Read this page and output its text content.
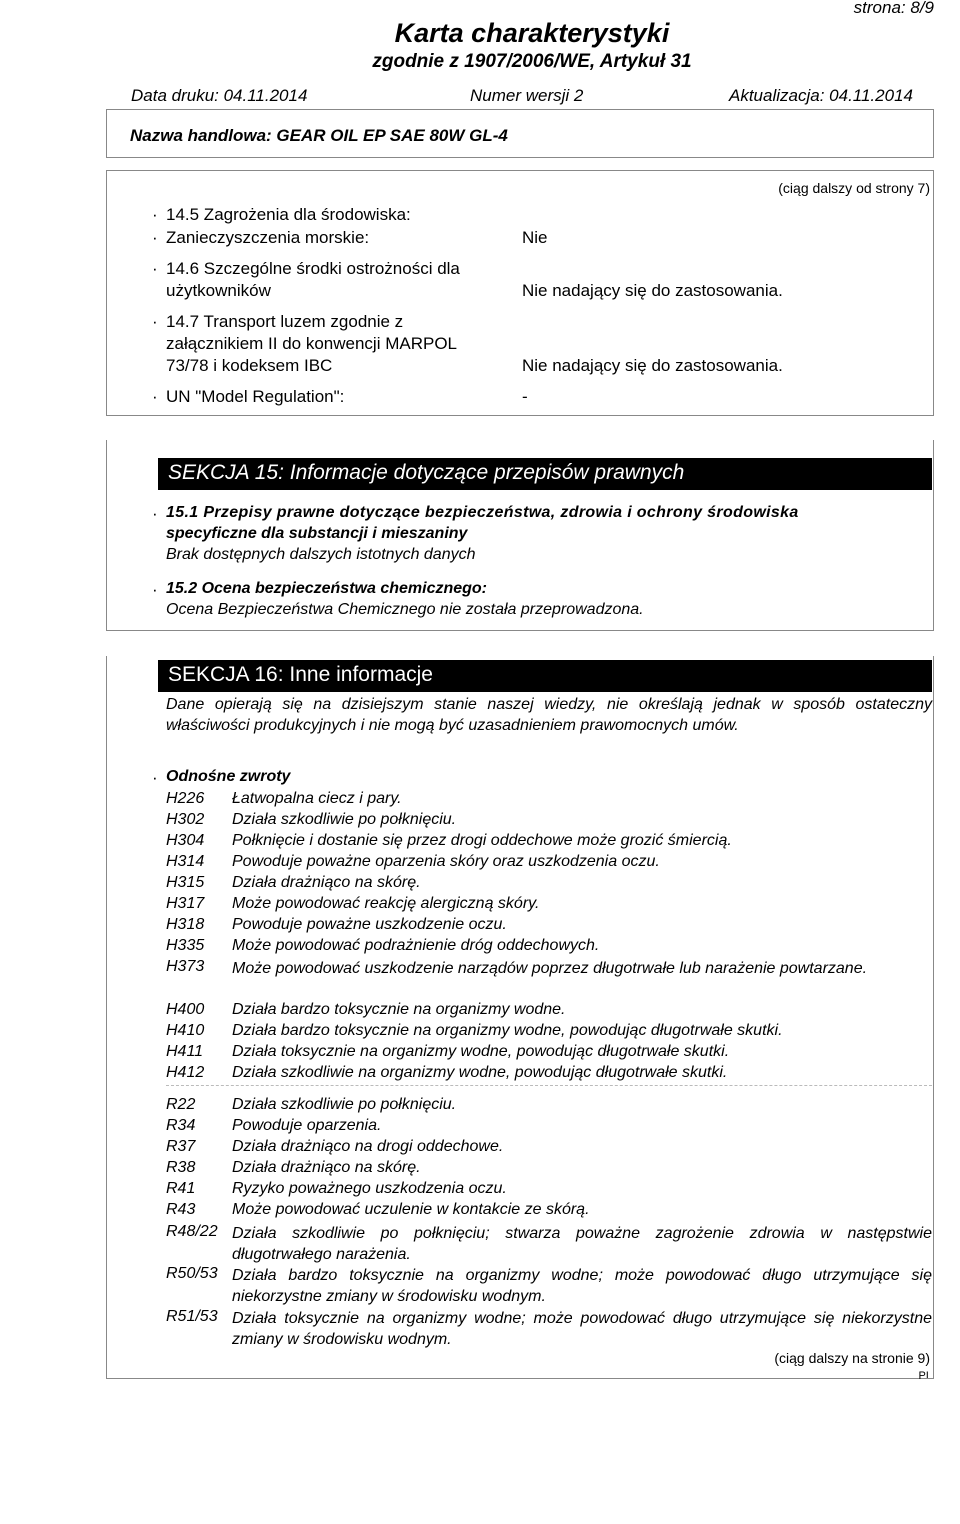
strona: 8/9
Karta charakterystyki
zgodnie z 1907/2006/WE, Artykuł 31
Data druku: 04.11.2014	Numer wersji 2	Aktualizacja: 04.11.2014
Nazwa handlowa: GEAR OIL EP SAE 80W GL-4
(ciąg dalszy od strony 7)
· 14.5 Zagrożenia dla środowiska:
· Zanieczyszczenia morskie:	Nie
· 14.6 Szczególne środki ostrożności dla
użytkowników	Nie nadający się do zastosowania.
· 14.7 Transport luzem zgodnie z
załącznikiem II do konwencji MARPOL
73/78 i kodeksem IBC	Nie nadający się do zastosowania.
· UN "Model Regulation":	-
SEKCJA 15: Informacje dotyczące przepisów prawnych
· 15.1 Przepisy prawne dotyczące bezpieczeństwa, zdrowia i ochrony środowiska
specyficzne dla substancji i mieszaniny
Brak dostępnych dalszych istotnych danych
· 15.2 Ocena bezpieczeństwa chemicznego:
Ocena Bezpieczeństwa Chemicznego nie została przeprowadzona.
SEKCJA 16: Inne informacje
Dane opierają się na dzisiejszym stanie naszej wiedzy, nie określają jednak w sposób ostateczny właściwości produkcyjnych i nie mogą być uzasadnieniem prawomocnych umów.
· Odnośne zwroty
H226 Łatwopalna ciecz i pary.
H302 Działa szkodliwie po połknięciu.
H304 Połknięcie i dostanie się przez drogi oddechowe może grozić śmiercią.
H314 Powoduje poważne oparzenia skóry oraz uszkodzenia oczu.
H315 Działa drażniąco na skórę.
H317 Może powodować reakcję alergiczną skóry.
H318 Powoduje poważne uszkodzenie oczu.
H335 Może powodować podrażnienie dróg oddechowych.
H373 Może powodować uszkodzenie narządów poprzez długotrwałe lub narażenie powtarzane.
H400 Działa bardzo toksycznie na organizmy wodne.
H410 Działa bardzo toksycznie na organizmy wodne, powodując długotrwałe skutki.
H411 Działa toksycznie na organizmy wodne, powodując długotrwałe skutki.
H412 Działa szkodliwie na organizmy wodne, powodując długotrwałe skutki.
R22 Działa szkodliwie po połknięciu.
R34 Powoduje oparzenia.
R37 Działa drażniąco na drogi oddechowe.
R38 Działa drażniąco na skórę.
R41 Ryzyko poważnego uszkodzenia oczu.
R43 Może powodować uczulenie w kontakcie ze skórą.
R48/22 Działa szkodliwie po połknięciu; stwarza poważne zagrożenie zdrowia w następstwie długotrwałego narażenia.
R50/53 Działa bardzo toksycznie na organizmy wodne; może powodować długo utrzymujące się niekorzystne zmiany w środowisku wodnym.
R51/53 Działa toksycznie na organizmy wodne; może powodować długo utrzymujące się niekorzystne zmiany w środowisku wodnym.
(ciąg dalszy na stronie 9)
PL
